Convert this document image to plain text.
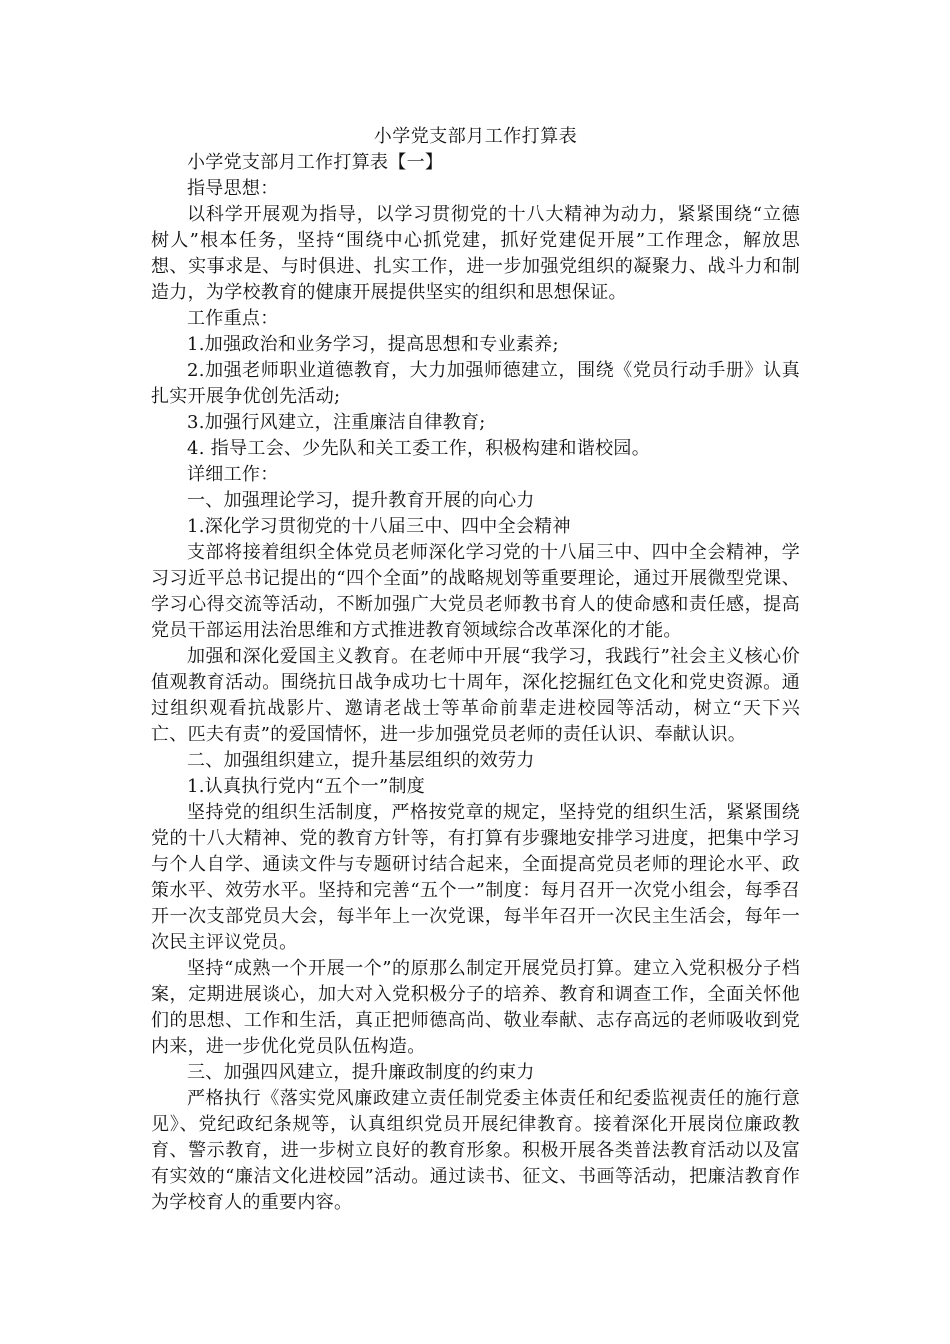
小学党支部月工作打算表

小学党支部月工作打算表【一】

指导思想：

以科学开展观为指导，以学习贯彻党的十八大精神为动力，紧紧围绕“立德树人”根本任务，坚持“围绕中心抓党建，抓好党建促开展”工作理念，解放思想、实事求是、与时俱进、扎实工作，进一步加强党组织的凝聚力、战斗力和制造力，为学校教育的健康开展提供坚实的组织和思想保证。

工作重点：

1.加强政治和业务学习，提高思想和专业素养;

2.加强老师职业道德教育，大力加强师德建立，围绕《党员行动手册》认真扎实开展争优创先活动;

3.加强行风建立，注重廉洁自律教育;

4. 指导工会、少先队和关工委工作，积极构建和谐校园。

详细工作：

一、加强理论学习，提升教育开展的向心力

1.深化学习贯彻党的十八届三中、四中全会精神

支部将接着组织全体党员老师深化学习党的十八届三中、四中全会精神，学习习近平总书记提出的“四个全面”的战略规划等重要理论，通过开展微型党课、学习心得交流等活动，不断加强广大党员老师教书育人的使命感和责任感，提高党员干部运用法治思维和方式推进教育领域综合改革深化的才能。

加强和深化爱国主义教育。在老师中开展“我学习，我践行”社会主义核心价值观教育活动。围绕抗日战争成功七十周年，深化挖掘红色文化和党史资源。通过组织观看抗战影片、邀请老战士等革命前辈走进校园等活动，树立“天下兴亡、匹夫有责”的爱国情怀，进一步加强党员老师的责任认识、奉献认识。

二、加强组织建立，提升基层组织的效劳力

1.认真执行党内“五个一”制度

坚持党的组织生活制度，严格按党章的规定，坚持党的组织生活，紧紧围绕党的十八大精神、党的教育方针等，有打算有步骤地安排学习进度，把集中学习与个人自学、通读文件与专题研讨结合起来，全面提高党员老师的理论水平、政策水平、效劳水平。坚持和完善“五个一”制度：每月召开一次党小组会，每季召开一次支部党员大会，每半年上一次党课，每半年召开一次民主生活会，每年一次民主评议党员。

坚持“成熟一个开展一个”的原那么制定开展党员打算。建立入党积极分子档案，定期进展谈心，加大对入党积极分子的培养、教育和调查工作，全面关怀他们的思想、工作和生活，真正把师德高尚、敬业奉献、志存高远的老师吸收到党内来，进一步优化党员队伍构造。

三、加强四风建立，提升廉政制度的约束力

严格执行《落实党风廉政建立责任制党委主体责任和纪委监视责任的施行意见》、党纪政纪条规等，认真组织党员开展纪律教育。接着深化开展岗位廉政教育、警示教育，进一步树立良好的教育形象。积极开展各类普法教育活动以及富有实效的“廉洁文化进校园”活动。通过读书、征文、书画等活动，把廉洁教育作为学校育人的重要内容。
